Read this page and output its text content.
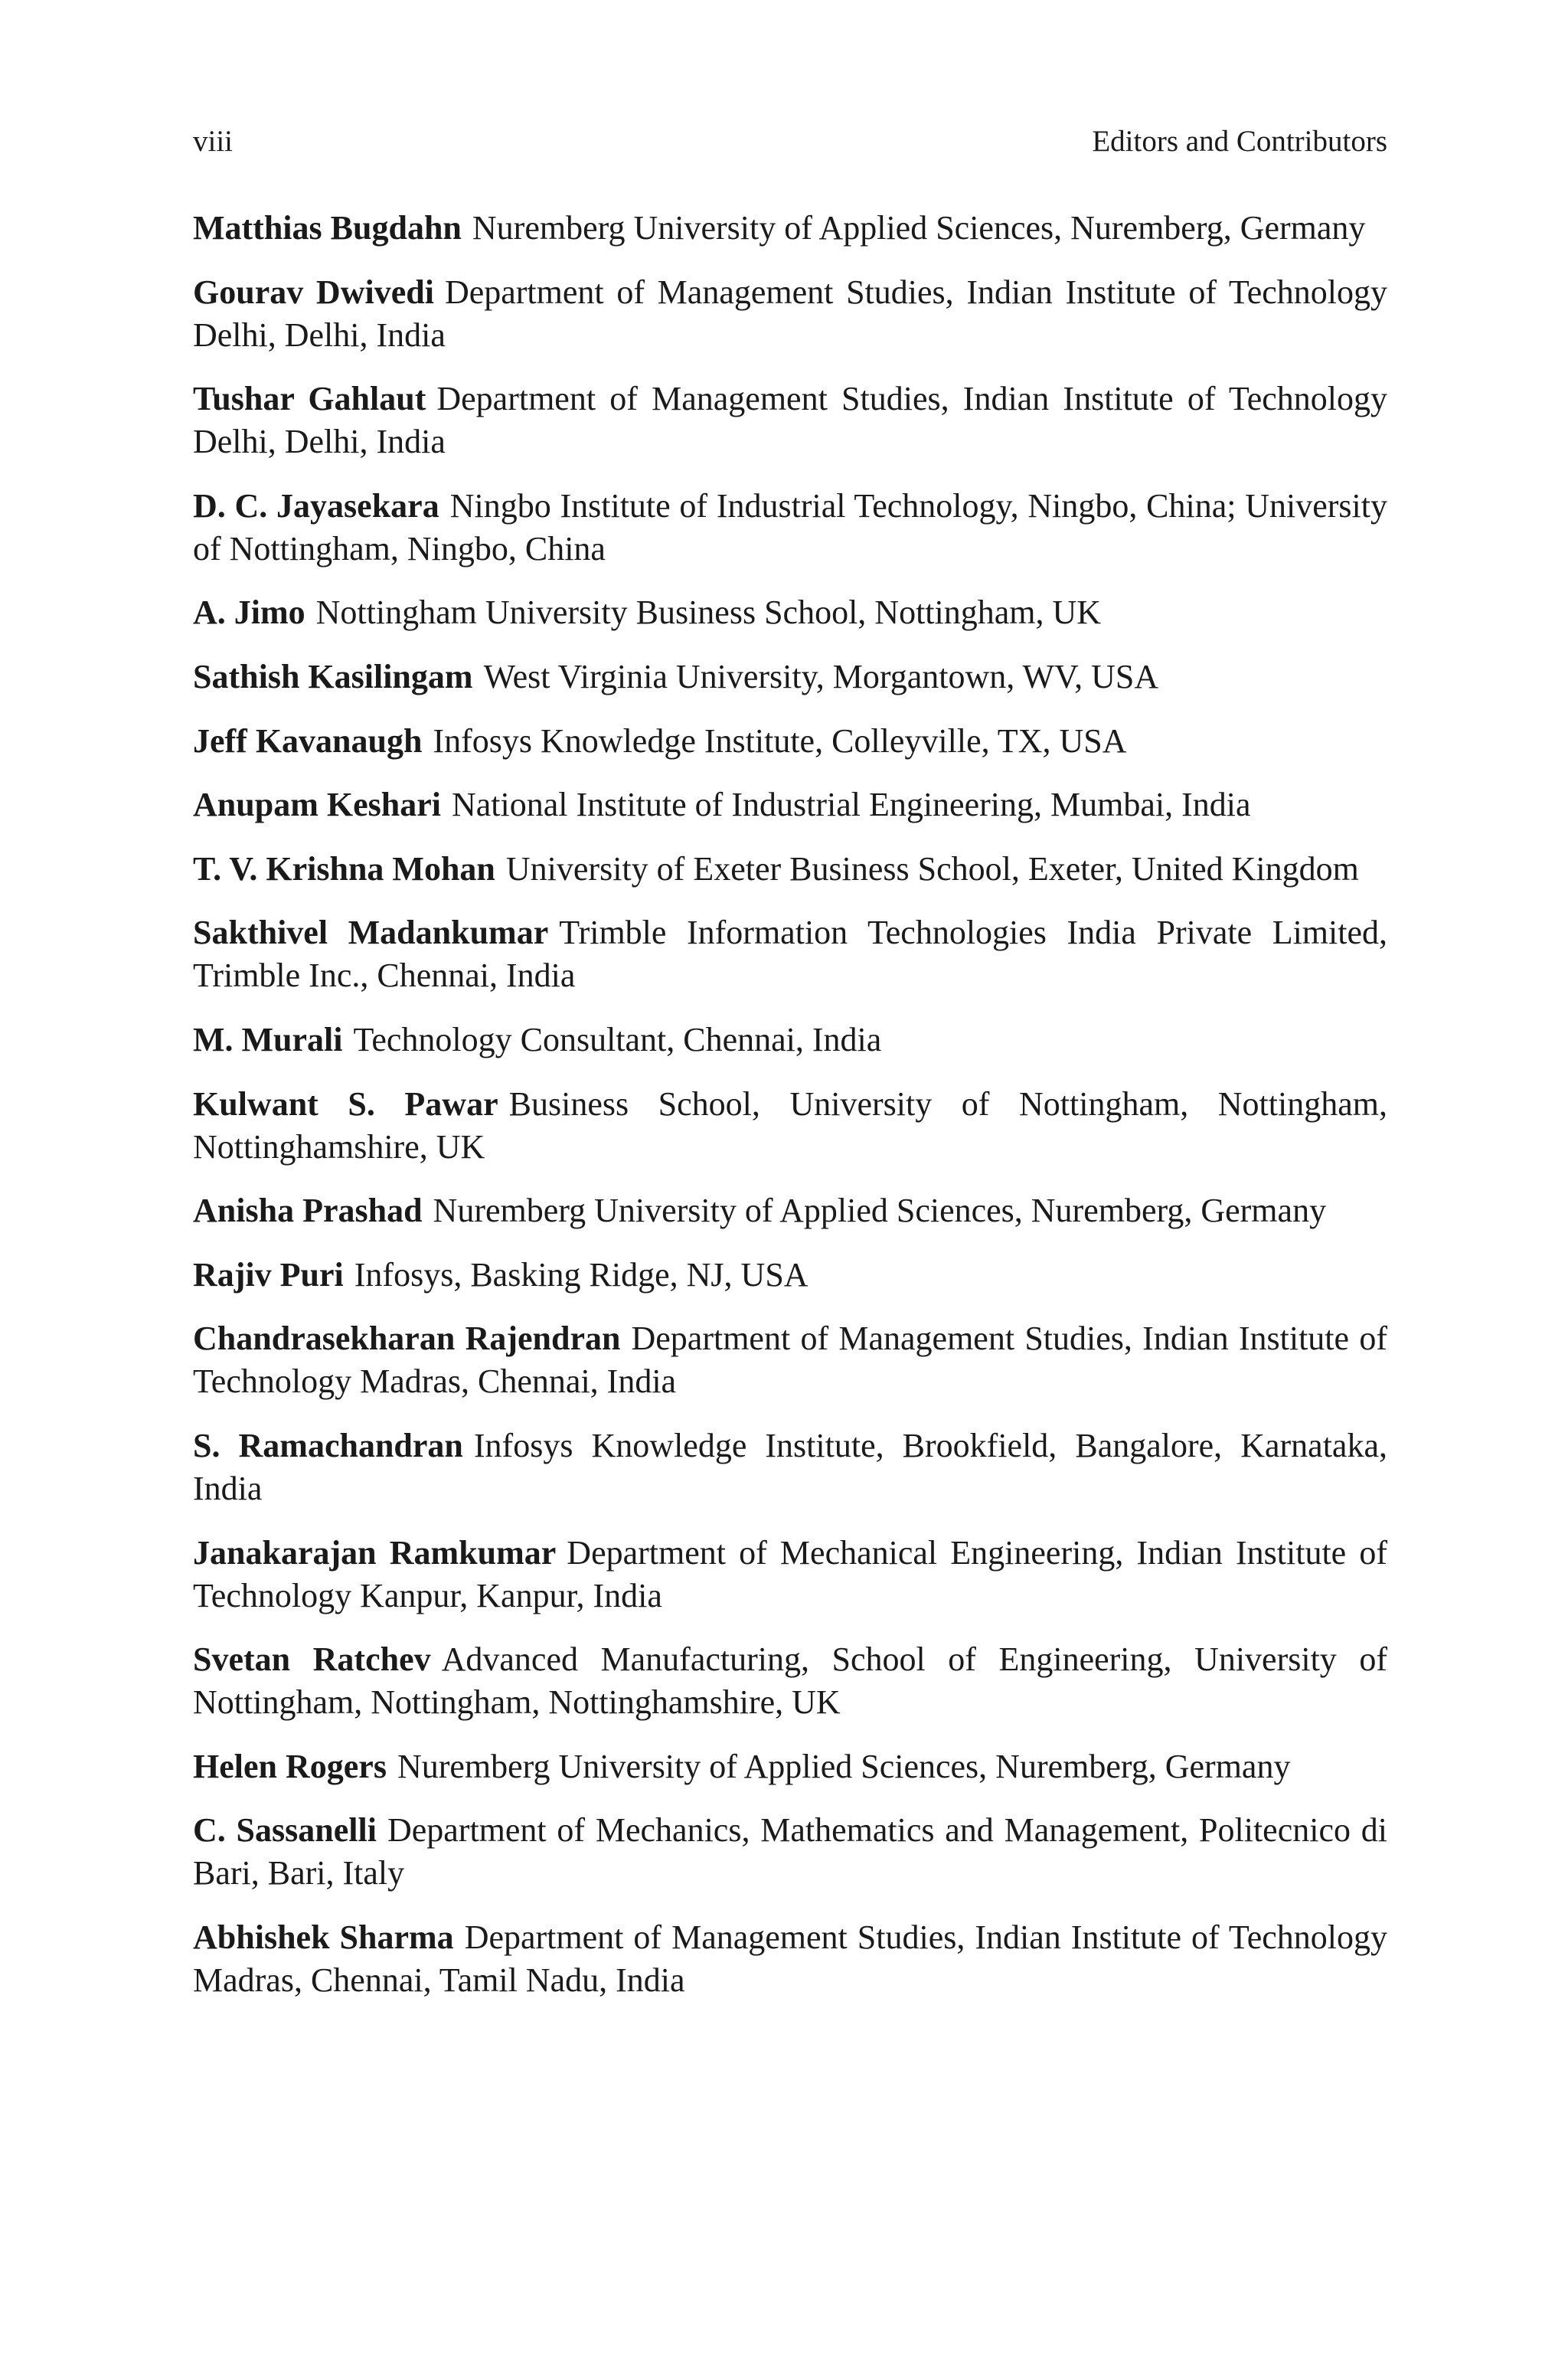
viii	Editors and Contributors
Matthias Bugdahn Nuremberg University of Applied Sciences, Nuremberg, Germany
Gourav Dwivedi Department of Management Studies, Indian Institute of Technology Delhi, Delhi, India
Tushar Gahlaut Department of Management Studies, Indian Institute of Technology Delhi, Delhi, India
D. C. Jayasekara Ningbo Institute of Industrial Technology, Ningbo, China; University of Nottingham, Ningbo, China
A. Jimo Nottingham University Business School, Nottingham, UK
Sathish Kasilingam West Virginia University, Morgantown, WV, USA
Jeff Kavanaugh Infosys Knowledge Institute, Colleyville, TX, USA
Anupam Keshari National Institute of Industrial Engineering, Mumbai, India
T. V. Krishna Mohan University of Exeter Business School, Exeter, United Kingdom
Sakthivel Madankumar Trimble Information Technologies India Private Limited, Trimble Inc., Chennai, India
M. Murali Technology Consultant, Chennai, India
Kulwant S. Pawar Business School, University of Nottingham, Nottingham, Nottinghamshire, UK
Anisha Prashad Nuremberg University of Applied Sciences, Nuremberg, Germany
Rajiv Puri Infosys, Basking Ridge, NJ, USA
Chandrasekharan Rajendran Department of Management Studies, Indian Institute of Technology Madras, Chennai, India
S. Ramachandran Infosys Knowledge Institute, Brookfield, Bangalore, Karnataka, India
Janakarajan Ramkumar Department of Mechanical Engineering, Indian Institute of Technology Kanpur, Kanpur, India
Svetan Ratchev Advanced Manufacturing, School of Engineering, University of Nottingham, Nottingham, Nottinghamshire, UK
Helen Rogers Nuremberg University of Applied Sciences, Nuremberg, Germany
C. Sassanelli Department of Mechanics, Mathematics and Management, Politecnico di Bari, Bari, Italy
Abhishek Sharma Department of Management Studies, Indian Institute of Technology Madras, Chennai, Tamil Nadu, India
